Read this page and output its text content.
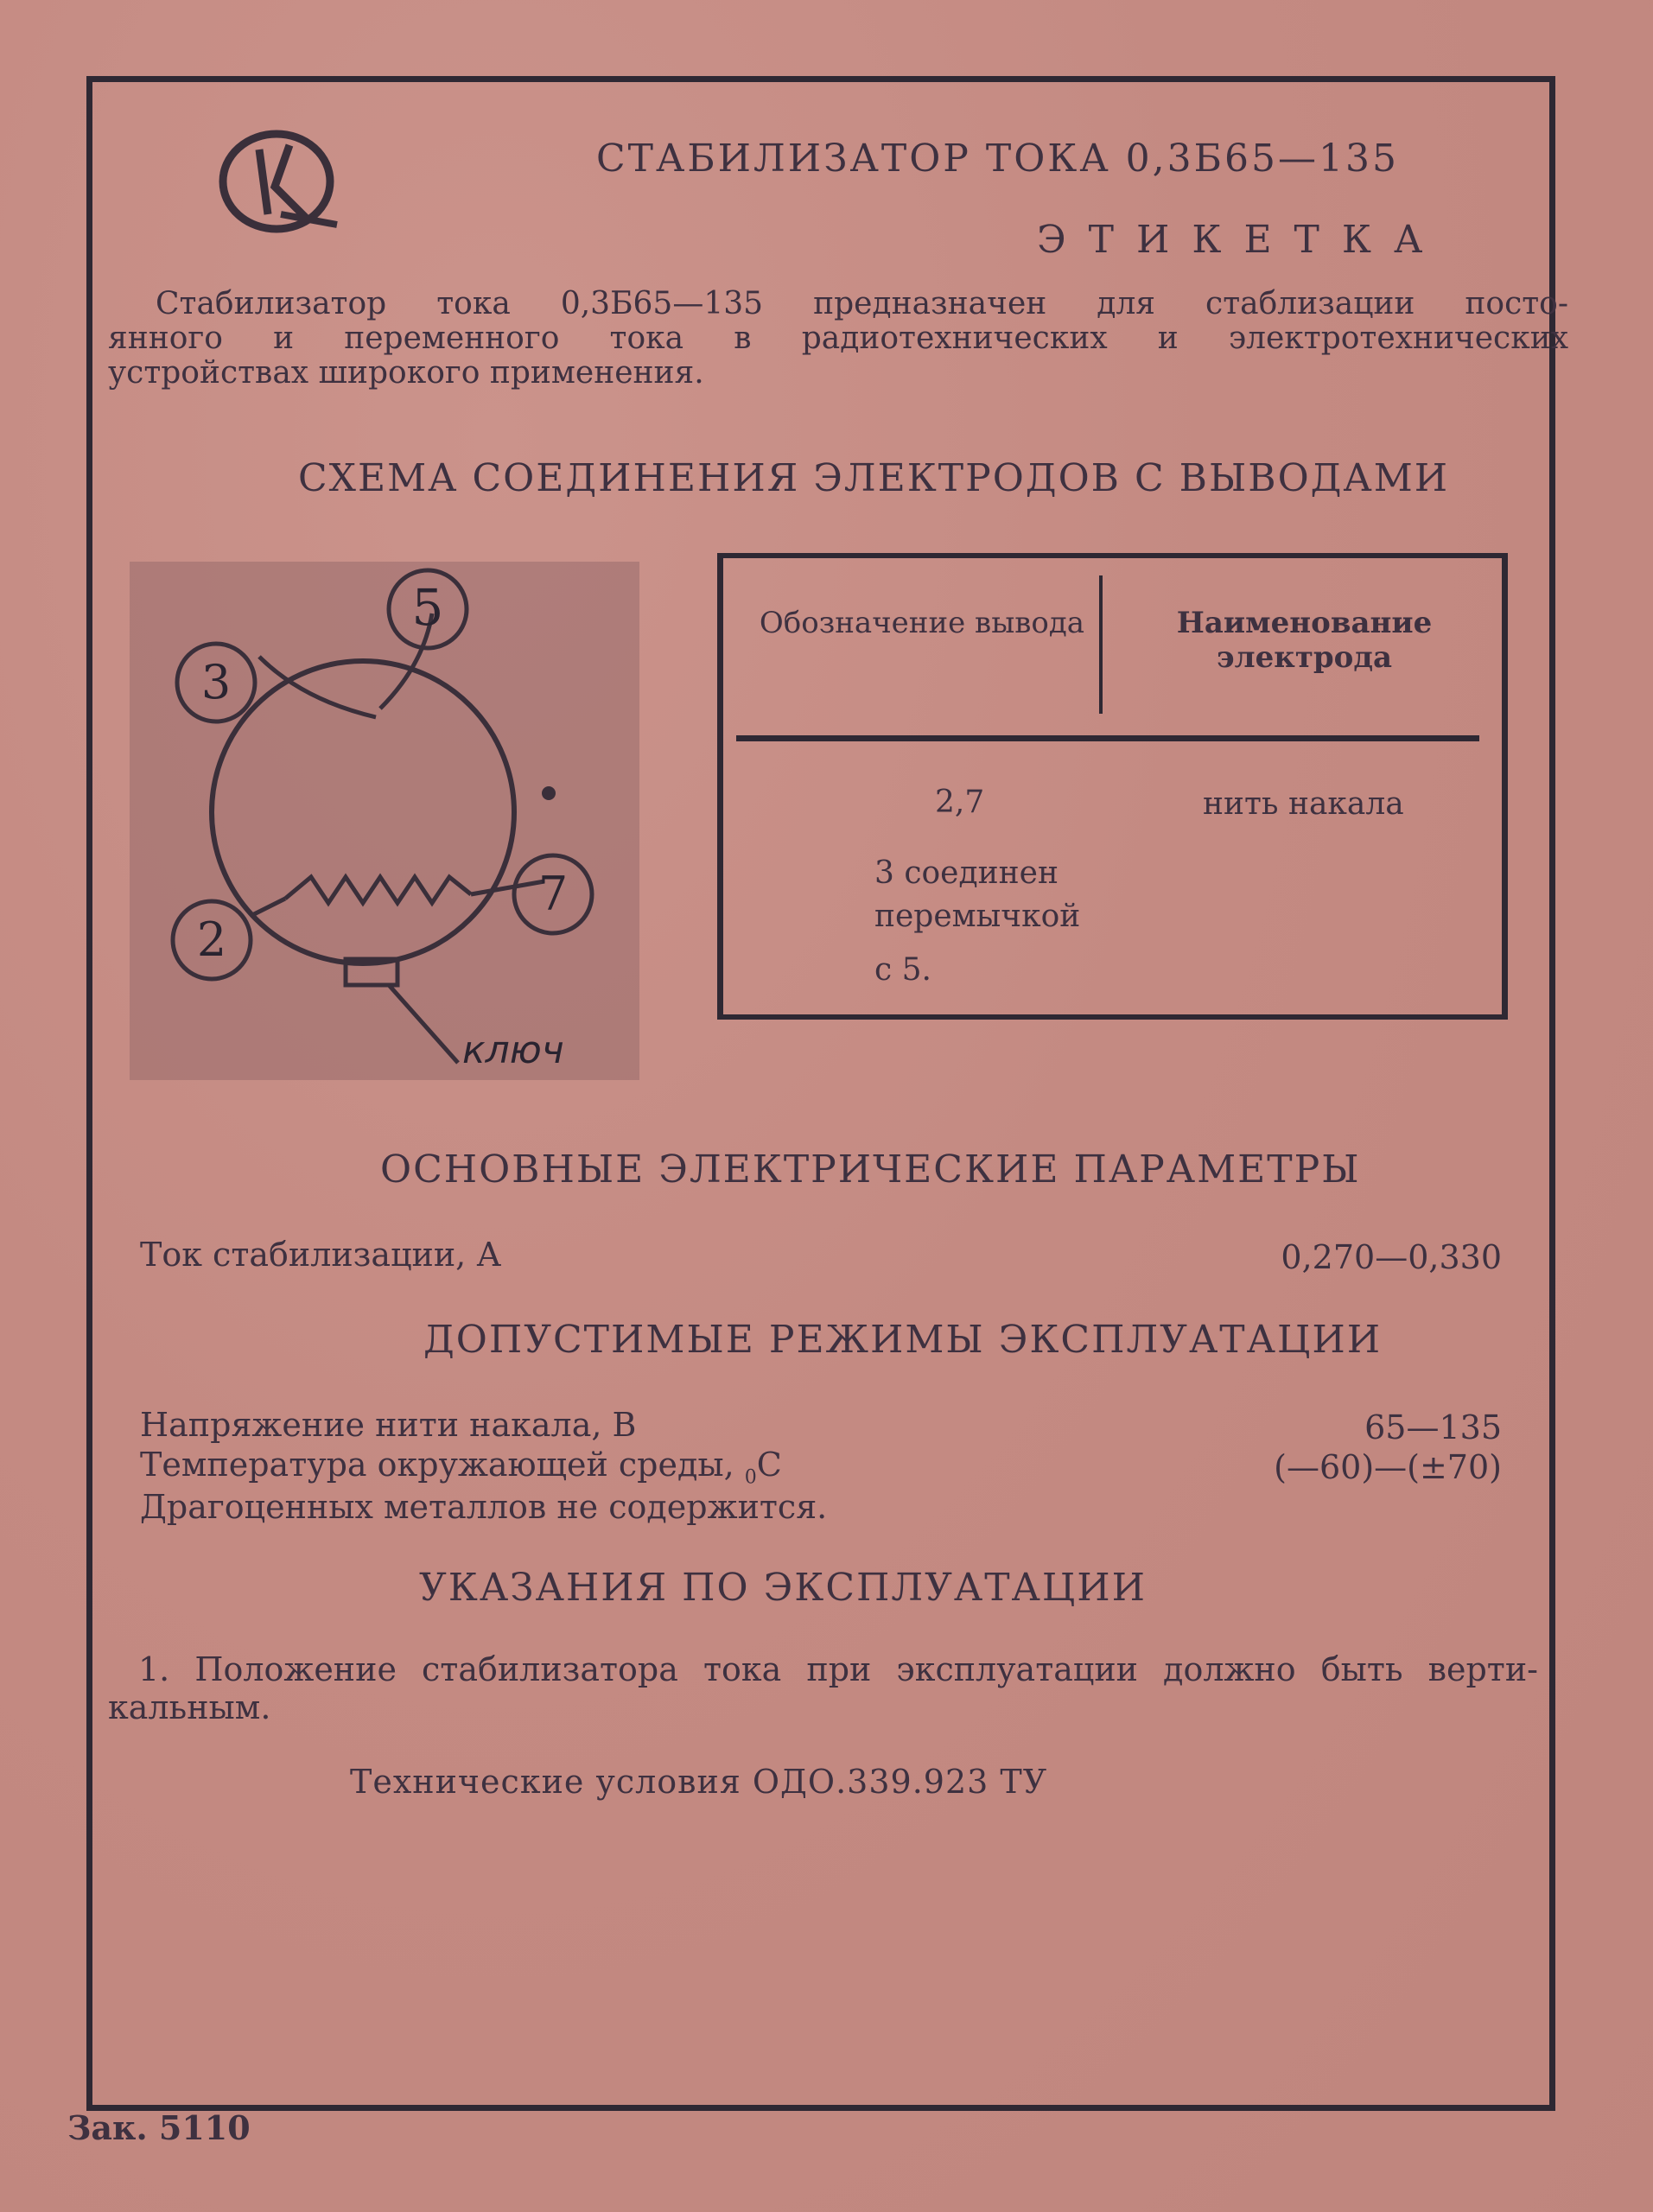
СТАБИЛИЗАТОР ТОКА 0,3Б65—135
ЭТИКЕТКА
Стабилизатор тока 0,3Б65—135 предназначен для стаблизации посто-
янного и переменного тока в радиотехнических и электротехнических
устройствах широкого применения.
СХЕМА СОЕДИНЕНИЯ ЭЛЕКТРОДОВ С ВЫВОДАМИ
5
3
7
2
ключ
Обозначение вывода	Наименование электрода
2,7	нить накала
3 соединен
перемычкой
с 5.
ОСНОВНЫЕ ЭЛЕКТРИЧЕСКИЕ ПАРАМЕТРЫ
Ток стабилизации, А	0,270—0,330
ДОПУСТИМЫЕ РЕЖИМЫ ЭКСПЛУАТАЦИИ
Напряжение нити накала, В	65—135
Температура окружающей среды, $_0$С	(—60)—(±70)
Драгоценных металлов не содержится.
УКАЗАНИЯ ПО ЭКСПЛУАТАЦИИ
1. Положение стабилизатора тока при эксплуатации должно быть верти-
кальным.
Технические условия ОДО.339.923 ТУ
Зак. 5110
